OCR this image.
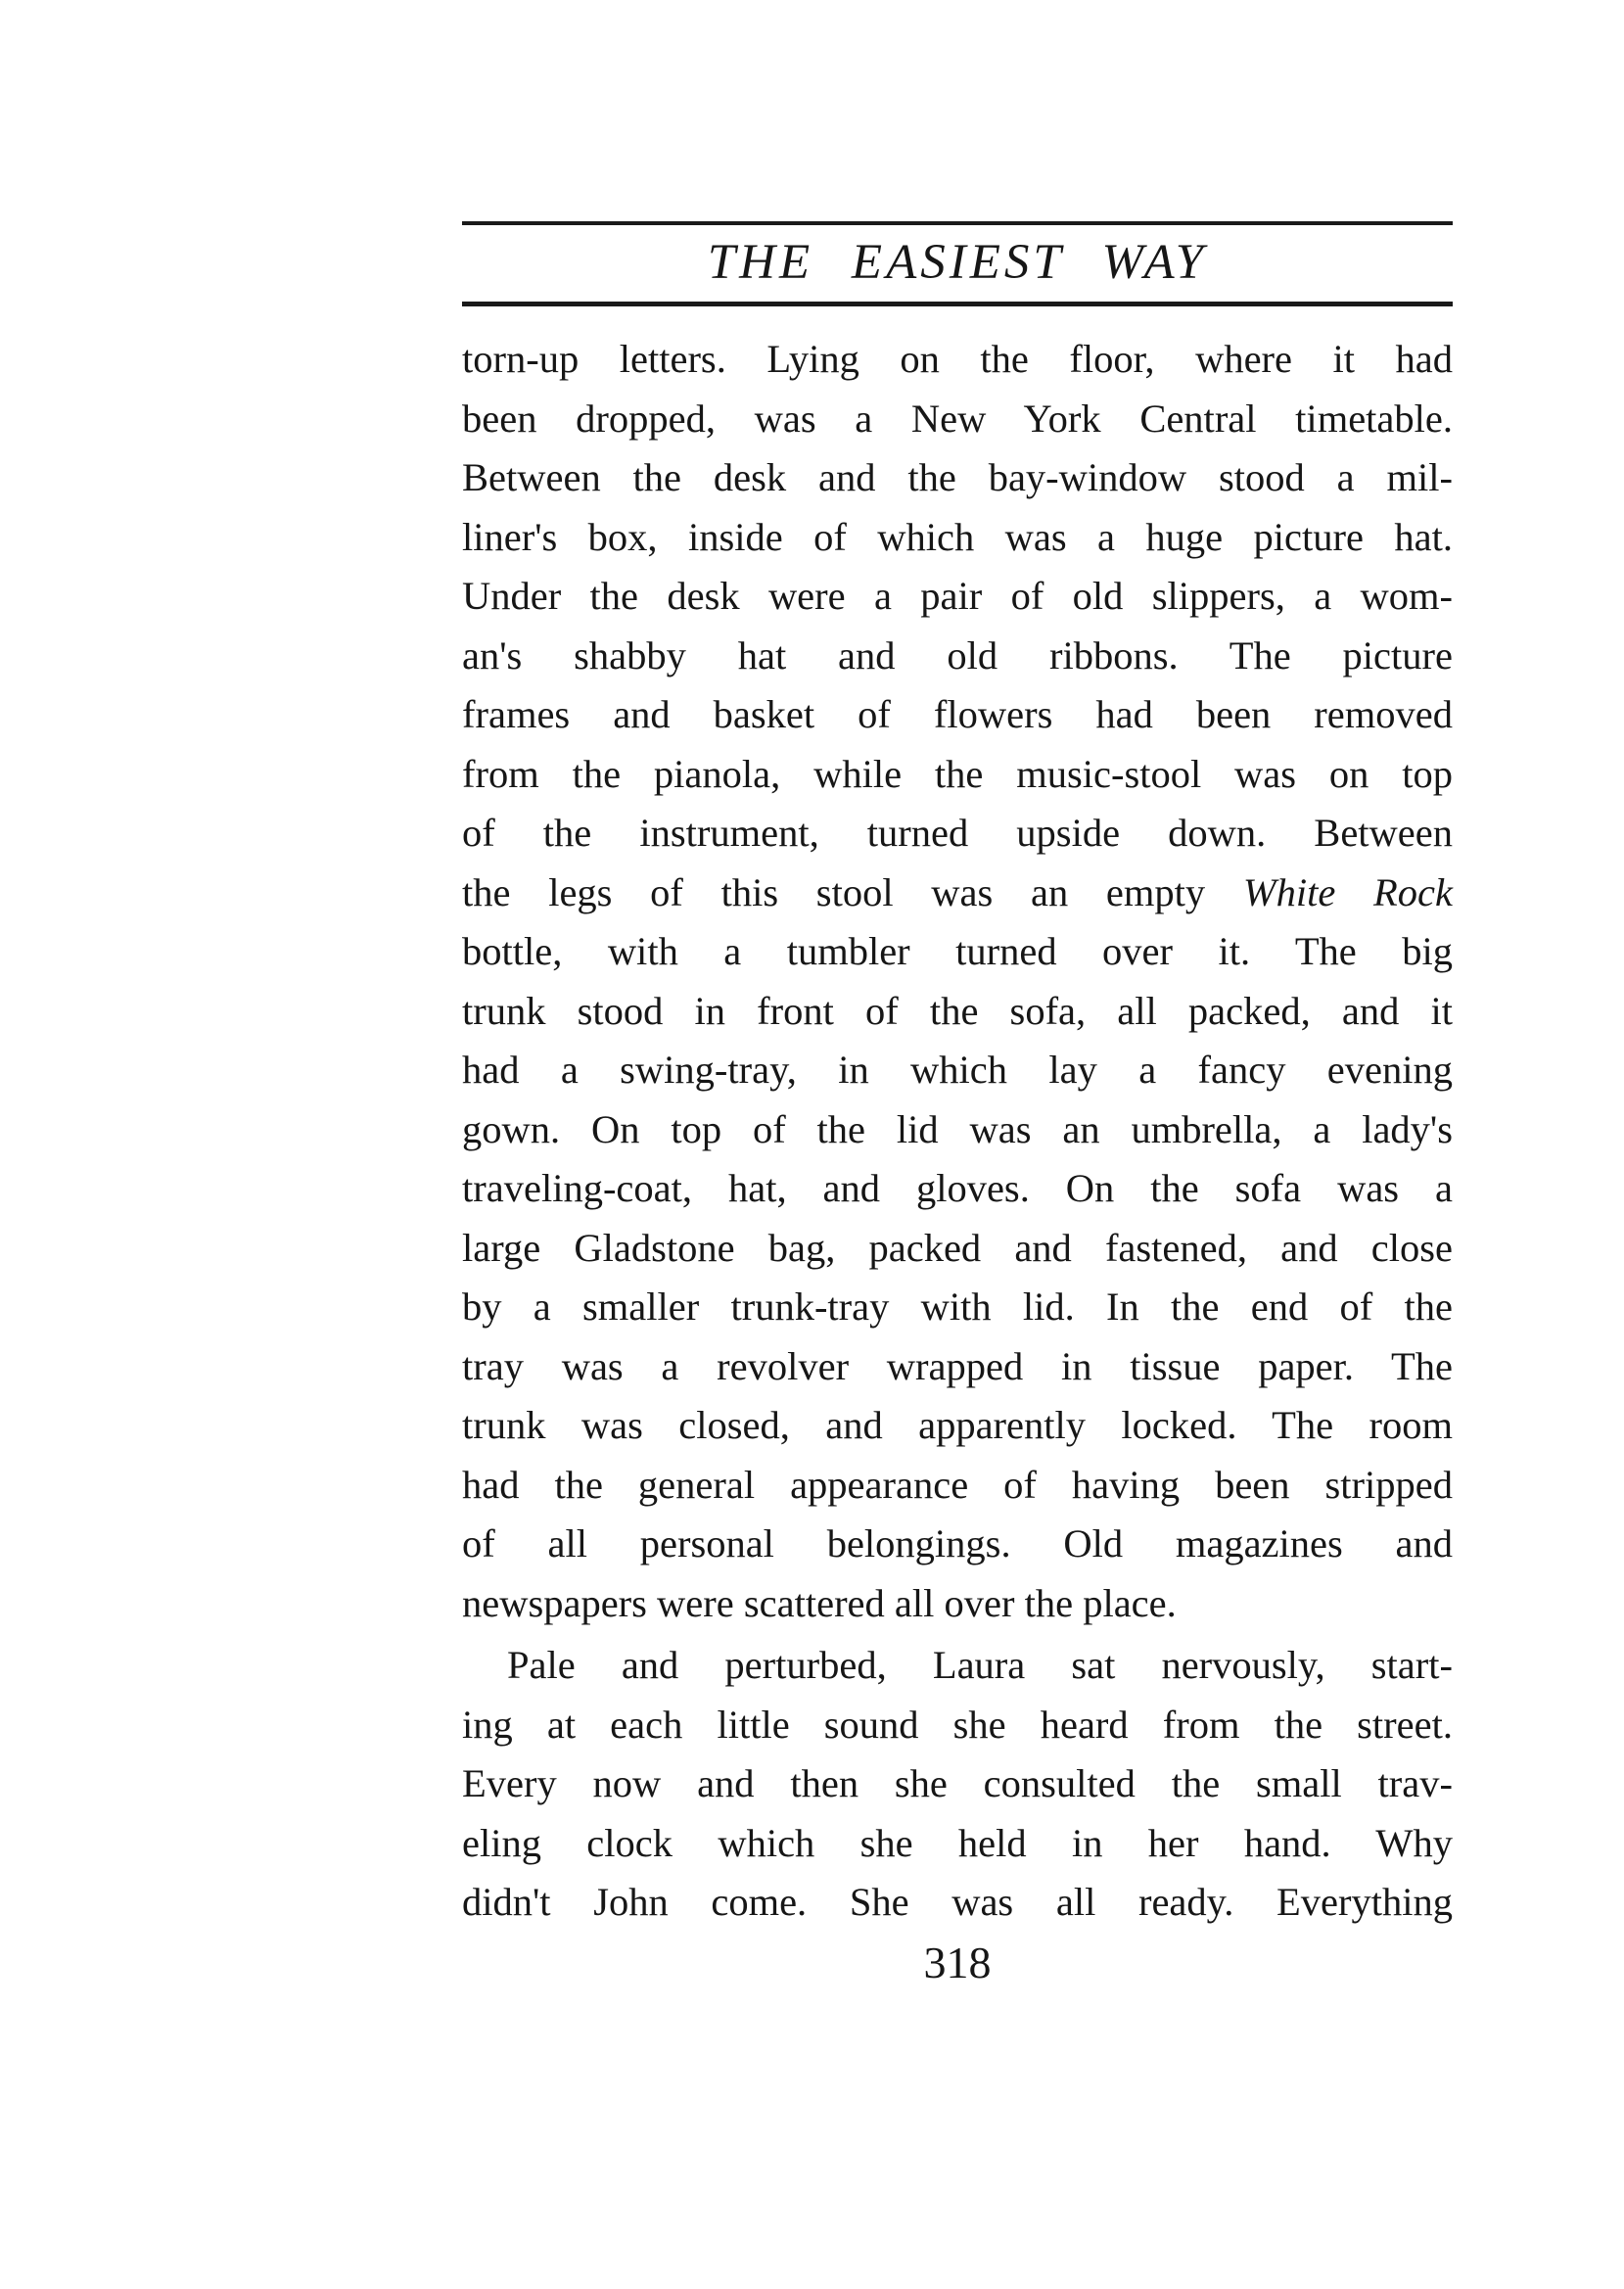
THE EASIEST WAY
torn-up letters. Lying on the floor, where it had
been dropped, was a New York Central timetable.
Between the desk and the bay-window stood a mil-
liner's box, inside of which was a huge picture hat.
Under the desk were a pair of old slippers, a wom-
an's shabby hat and old ribbons. The picture
frames and basket of flowers had been removed
from the pianola, while the music-stool was on top
of the instrument, turned upside down. Between
the legs of this stool was an empty White Rock
bottle, with a tumbler turned over it. The big
trunk stood in front of the sofa, all packed, and it
had a swing-tray, in which lay a fancy evening
gown. On top of the lid was an umbrella, a lady's
traveling-coat, hat, and gloves. On the sofa was a
large Gladstone bag, packed and fastened, and close
by a smaller trunk-tray with lid. In the end of the
tray was a revolver wrapped in tissue paper. The
trunk was closed, and apparently locked. The room
had the general appearance of having been stripped
of all personal belongings. Old magazines and
newspapers were scattered all over the place.
Pale and perturbed, Laura sat nervously, start-
ing at each little sound she heard from the street.
Every now and then she consulted the small trav-
eling clock which she held in her hand. Why
didn't John come. She was all ready. Everything
318
